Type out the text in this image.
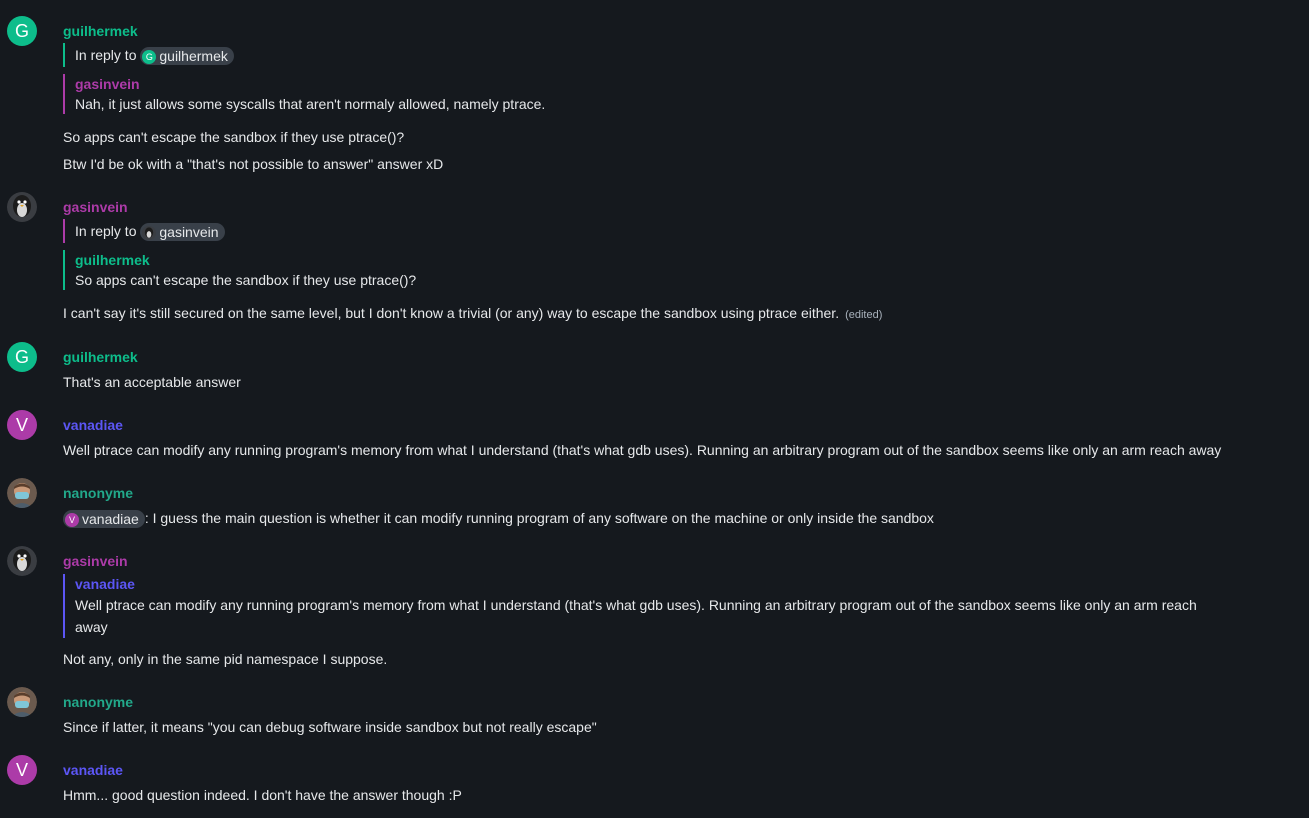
G	guilhermek
In reply to G guilhermek
gasinvein
Nah, it just allows some syscalls that aren't normaly allowed, namely ptrace.
So apps can't escape the sandbox if they use ptrace()?
Btw I'd be ok with a "that's not possible to answer" answer xD
gasinvein
In reply to gasinvein
guilhermek
So apps can't escape the sandbox if they use ptrace()?
I can't say it's still secured on the same level, but I don't know a trivial (or any) way to escape the sandbox using ptrace either. (edited)
G	guilhermek
That's an acceptable answer
V	vanadiae
Well ptrace can modify any running program's memory from what I understand (that's what gdb uses). Running an arbitrary program out of the sandbox seems like only an arm reach away
nanonyme
V vanadiae : I guess the main question is whether it can modify running program of any software on the machine or only inside the sandbox
gasinvein
vanadiae
Well ptrace can modify any running program's memory from what I understand (that's what gdb uses). Running an arbitrary program out of the sandbox seems like only an arm reach
away
Not any, only in the same pid namespace I suppose.
nanonyme
Since if latter, it means "you can debug software inside sandbox but not really escape"
V	vanadiae
Hmm... good question indeed. I don't have the answer though :P
